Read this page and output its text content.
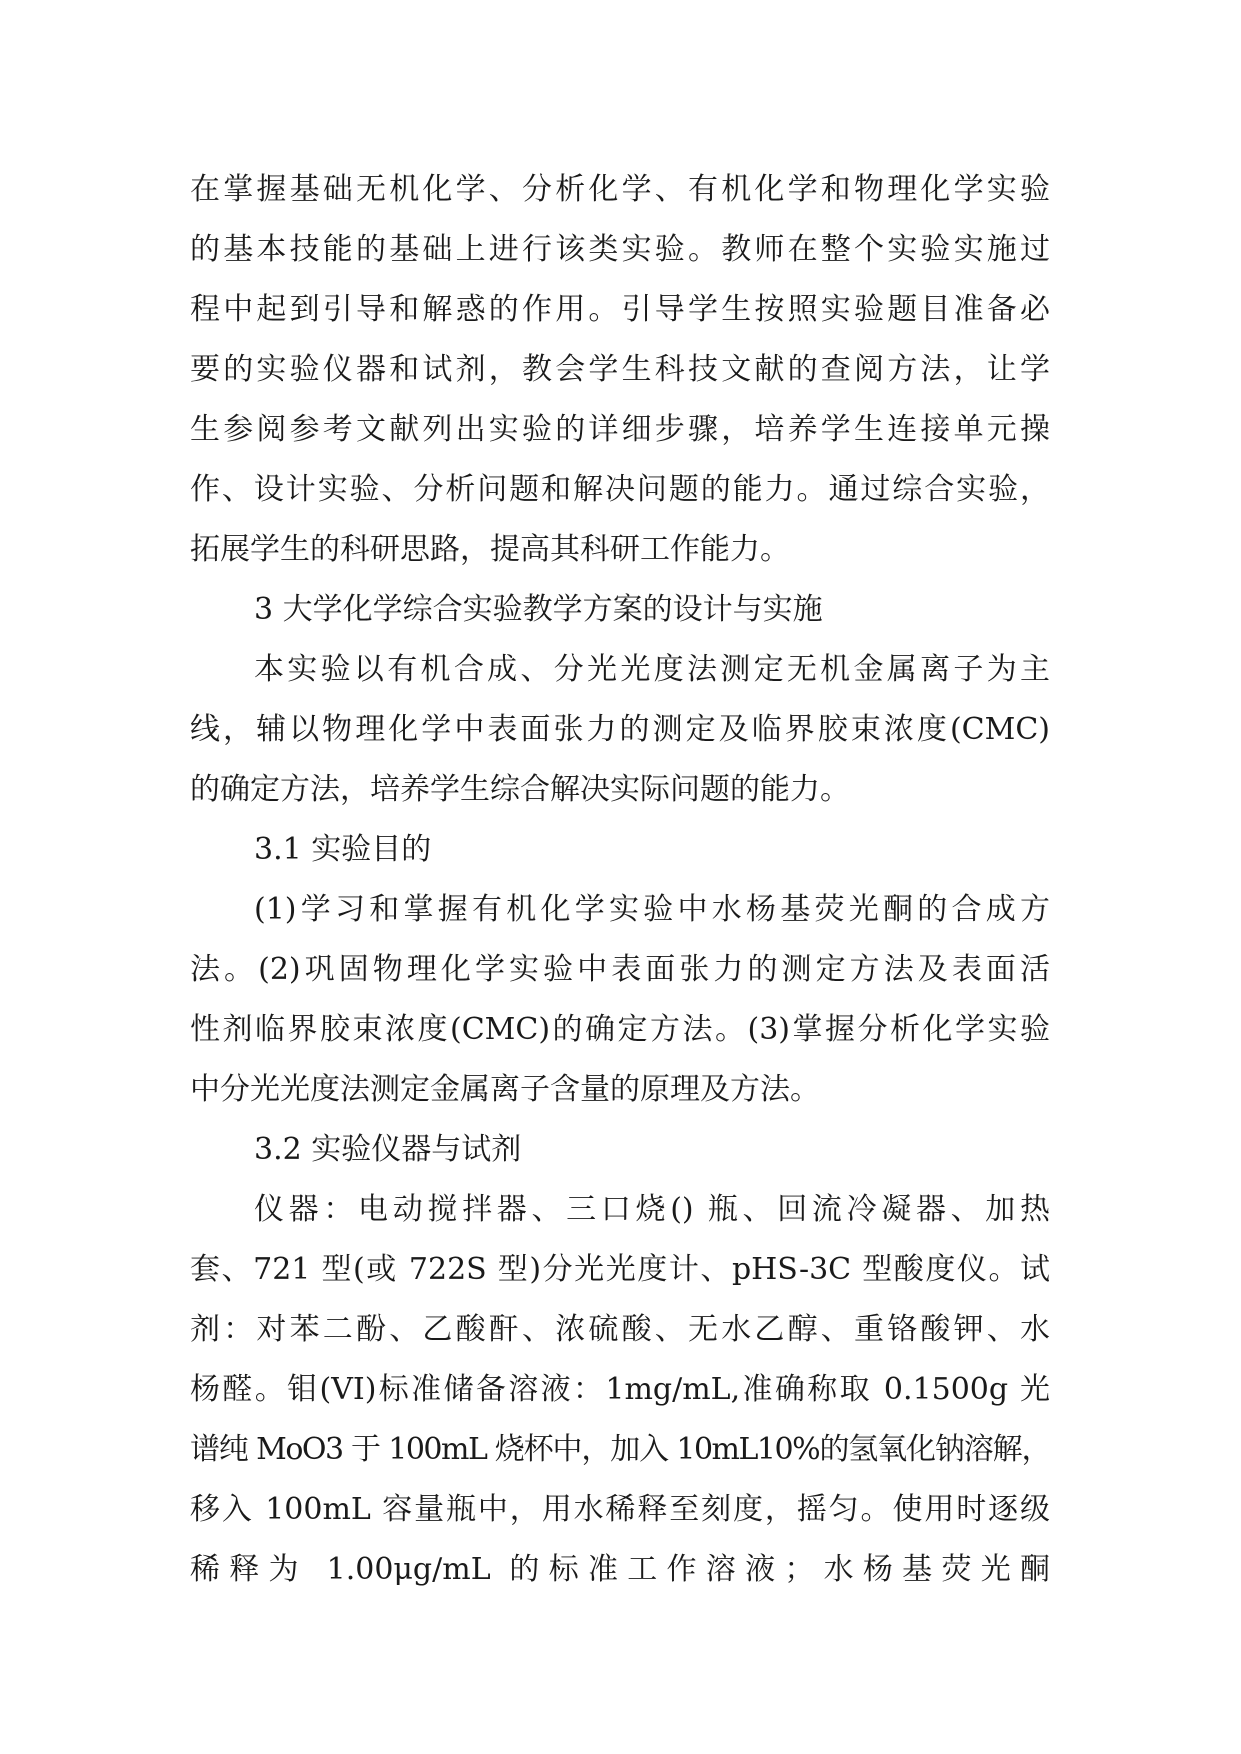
在掌握基础无机化学、分析化学、有机化学和物理化学实验
的基本技能的基础上进行该类实验。教师在整个实验实施过
程中起到引导和解惑的作用。引导学生按照实验题目准备必
要的实验仪器和试剂，教会学生科技文献的查阅方法，让学
生参阅参考文献列出实验的详细步骤，培养学生连接单元操
作、设计实验、分析问题和解决问题的能力。通过综合实验，
拓展学生的科研思路，提高其科研工作能力。
3 大学化学综合实验教学方案的设计与实施
本实验以有机合成、分光光度法测定无机金属离子为主
线，辅以物理化学中表面张力的测定及临界胶束浓度(CMC)
的确定方法，培养学生综合解决实际问题的能力。
3.1 实验目的
(1)学习和掌握有机化学实验中水杨基荧光酮的合成方
法。(2)巩固物理化学实验中表面张力的测定方法及表面活
性剂临界胶束浓度(CMC)的确定方法。(3)掌握分析化学实验
中分光光度法测定金属离子含量的原理及方法。
3.2 实验仪器与试剂
仪器：电动搅拌器、三口烧() 瓶、回流冷凝器、加热
套、721 型(或 722S 型)分光光度计、pHS-3C 型酸度仪。试
剂：对苯二酚、乙酸酐、浓硫酸、无水乙醇、重铬酸钾、水
杨醛。钼(VI)标准储备溶液：1mg/mL,准确称取 0.1500g 光
谱纯 MoO3 于 100mL 烧杯中，加入 10mL10%的氢氧化钠溶解，
移入 100mL 容量瓶中，用水稀释至刻度，摇匀。使用时逐级
稀释为 1.00μg/mL 的标准工作溶液；水杨基荧光酮
